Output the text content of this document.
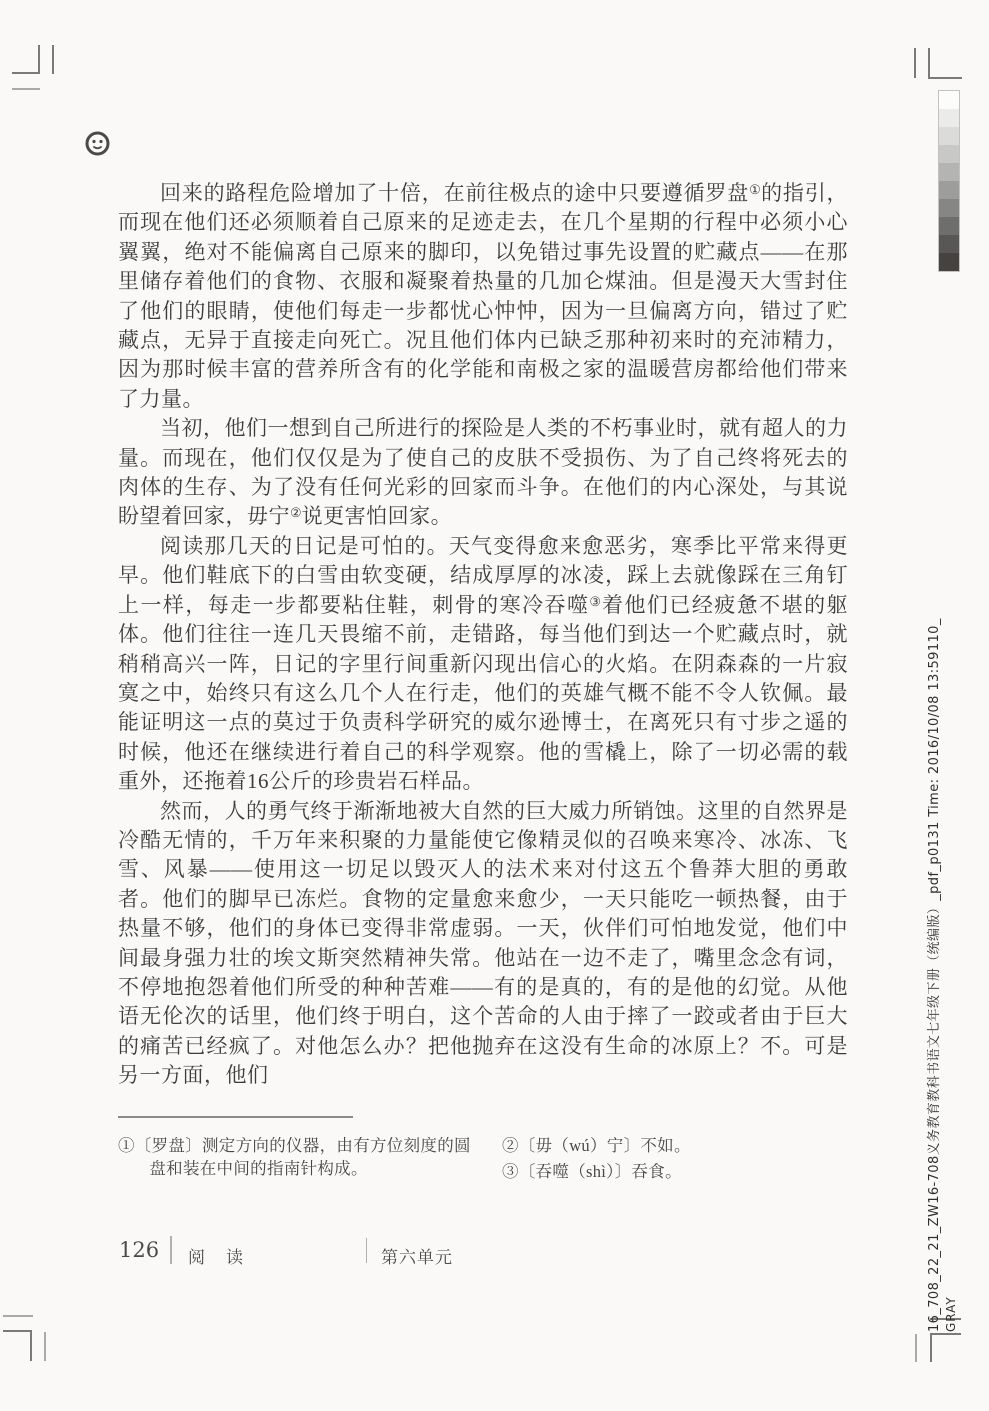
回来的路程危险增加了十倍，在前往极点的途中只要遵循罗盘①的指引，而现在他们还必须顺着自己原来的足迹走去，在几个星期的行程中必须小心翼翼，绝对不能偏离自己原来的脚印，以免错过事先设置的贮藏点——在那里储存着他们的食物、衣服和凝聚着热量的几加仑煤油。但是漫天大雪封住了他们的眼睛，使他们每走一步都忧心忡忡，因为一旦偏离方向，错过了贮藏点，无异于直接走向死亡。况且他们体内已缺乏那种初来时的充沛精力，因为那时候丰富的营养所含有的化学能和南极之家的温暖营房都给他们带来了力量。

当初，他们一想到自己所进行的探险是人类的不朽事业时，就有超人的力量。而现在，他们仅仅是为了使自己的皮肤不受损伤、为了自己终将死去的肉体的生存、为了没有任何光彩的回家而斗争。在他们的内心深处，与其说盼望着回家，毋宁②说更害怕回家。

阅读那几天的日记是可怕的。天气变得愈来愈恶劣，寒季比平常来得更早。他们鞋底下的白雪由软变硬，结成厚厚的冰凌，踩上去就像踩在三角钉上一样，每走一步都要粘住鞋，刺骨的寒冷吞噬③着他们已经疲惫不堪的躯体。他们往往一连几天畏缩不前，走错路，每当他们到达一个贮藏点时，就稍稍高兴一阵，日记的字里行间重新闪现出信心的火焰。在阴森森的一片寂寞之中，始终只有这么几个人在行走，他们的英雄气概不能不令人钦佩。最能证明这一点的莫过于负责科学研究的威尔逊博士，在离死只有寸步之遥的时候，他还在继续进行着自己的科学观察。他的雪橇上，除了一切必需的载重外，还拖着16公斤的珍贵岩石样品。

然而，人的勇气终于渐渐地被大自然的巨大威力所销蚀。这里的自然界是冷酷无情的，千万年来积聚的力量能使它像精灵似的召唤来寒冷、冰冻、飞雪、风暴——使用这一切足以毁灭人的法术来对付这五个鲁莽大胆的勇敢者。他们的脚早已冻烂。食物的定量愈来愈少，一天只能吃一顿热餐，由于热量不够，他们的身体已变得非常虚弱。一天，伙伴们可怕地发觉，他们中间最身强力壮的埃文斯突然精神失常。他站在一边不走了，嘴里念念有词，不停地抱怨着他们所受的种种苦难——有的是真的，有的是他的幻觉。从他语无伦次的话里，他们终于明白，这个苦命的人由于摔了一跤或者由于巨大的痛苦已经疯了。对他怎么办？把他抛弃在这没有生命的冰原上？不。可是另一方面，他们

①〔罗盘〕测定方向的仪器，由有方位刻度的圆盘和装在中间的指南针构成。

②〔毋（wú）宁〕不如。

③〔吞噬（shì）〕吞食。

126 阅　读	第六单元	16_708_22_21_ZW16-708义务教育教科书语文七年级下册（统编版）_pdf_p0131 Time: 2016/10/08 13:59110_ GRAY
